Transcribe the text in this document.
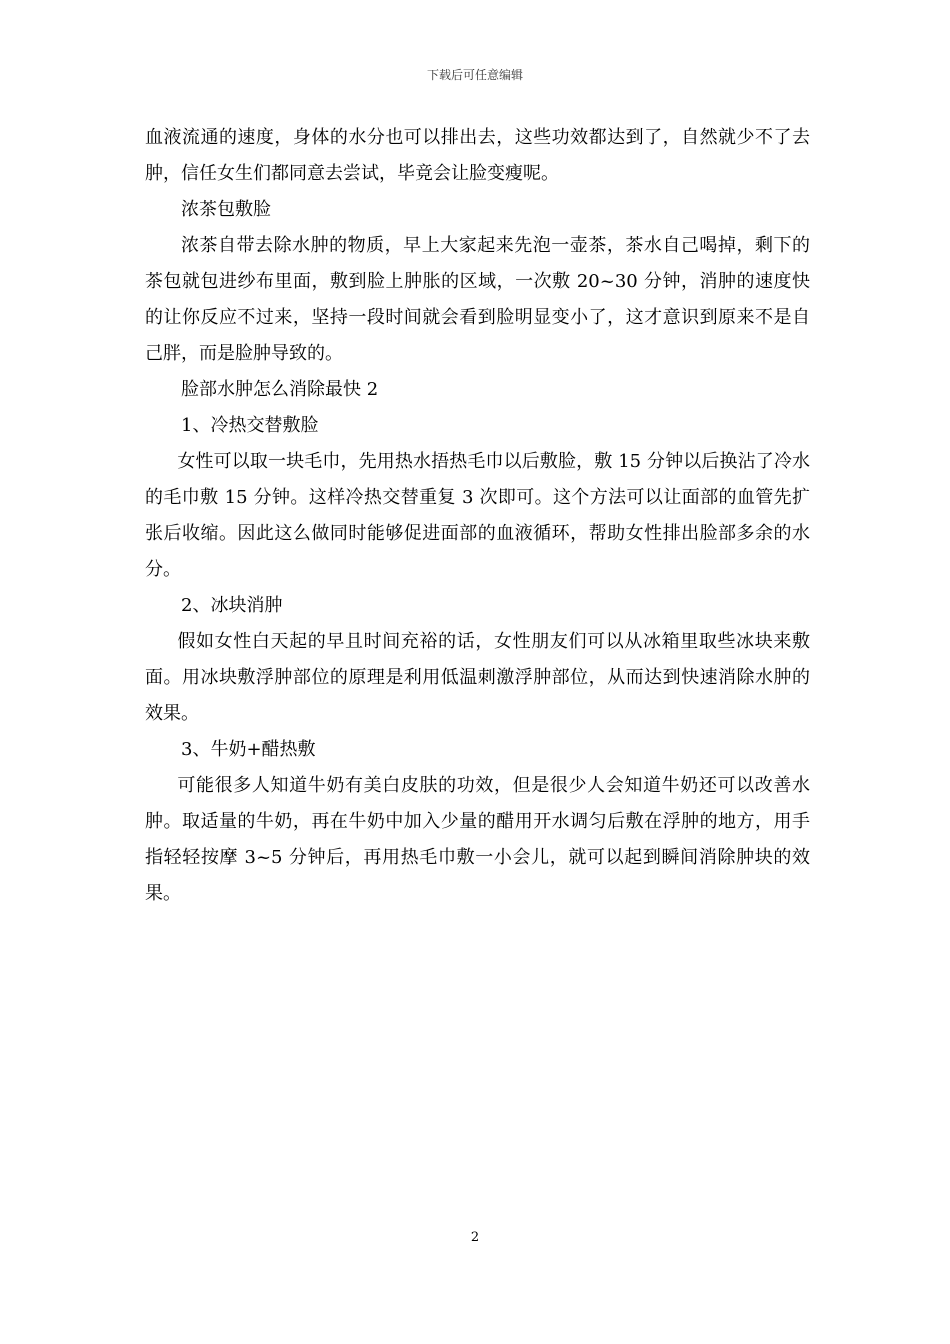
下载后可任意编辑

血液流通的速度，身体的水分也可以排出去，这些功效都达到了，自然就少不了去肿，信任女生们都同意去尝试，毕竟会让脸变瘦呢。

浓茶包敷脸

浓茶自带去除水肿的物质，早上大家起来先泡一壶茶，茶水自己喝掉，剩下的茶包就包进纱布里面，敷到脸上肿胀的区域，一次敷 20~30 分钟，消肿的速度快的让你反应不过来，坚持一段时间就会看到脸明显变小了，这才意识到原来不是自己胖，而是脸肿导致的。

脸部水肿怎么消除最快 2

1、冷热交替敷脸

女性可以取一块毛巾，先用热水捂热毛巾以后敷脸，敷 15 分钟以后换沾了冷水的毛巾敷 15 分钟。这样冷热交替重复 3 次即可。这个方法可以让面部的血管先扩张后收缩。因此这么做同时能够促进面部的血液循环，帮助女性排出脸部多余的水分。

2、冰块消肿

假如女性白天起的早且时间充裕的话，女性朋友们可以从冰箱里取些冰块来敷面。用冰块敷浮肿部位的原理是利用低温刺激浮肿部位，从而达到快速消除水肿的效果。

3、牛奶+醋热敷

可能很多人知道牛奶有美白皮肤的功效，但是很少人会知道牛奶还可以改善水肿。取适量的牛奶，再在牛奶中加入少量的醋用开水调匀后敷在浮肿的地方，用手指轻轻按摩 3~5 分钟后，再用热毛巾敷一小会儿，就可以起到瞬间消除肿块的效果。

2
